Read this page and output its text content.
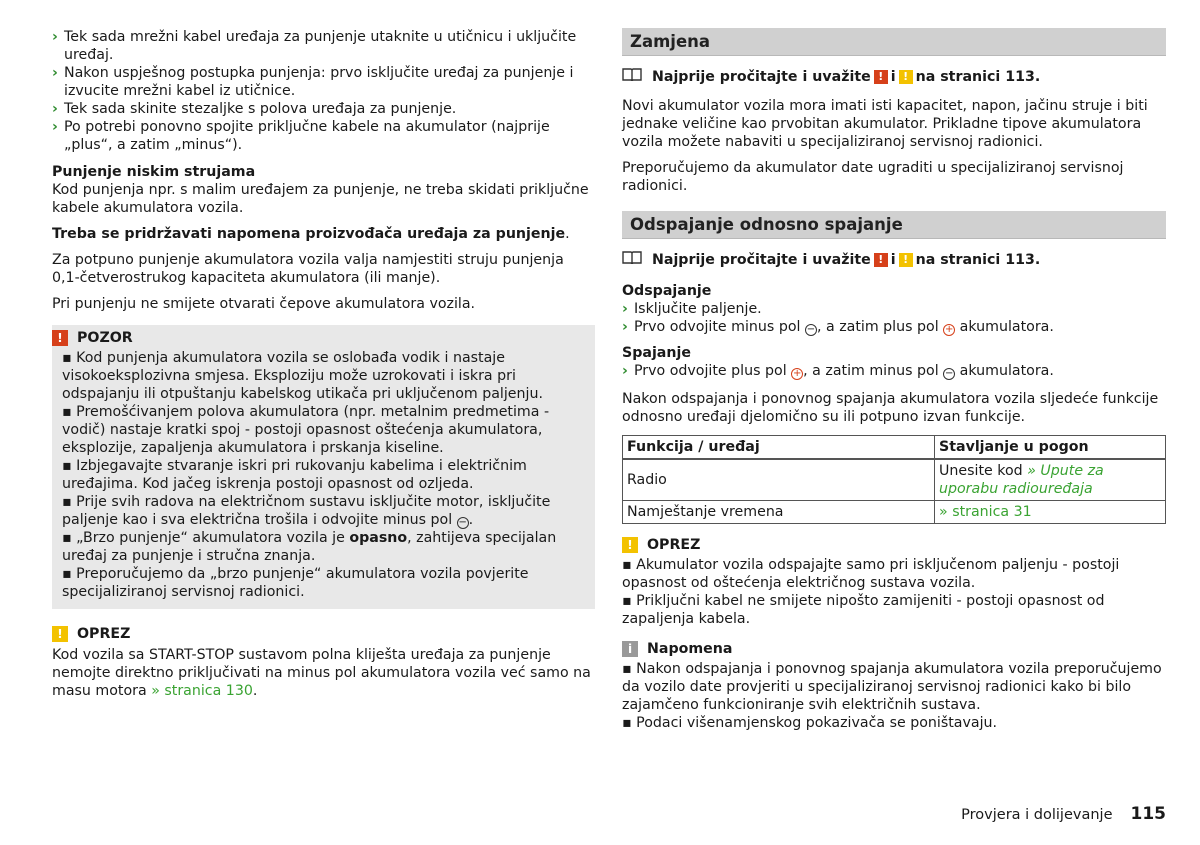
› Tek sada mrežni kabel uređaja za punjenje utaknite u utičnicu i uključite uređaj.
› Nakon uspješnog postupka punjenja: prvo isključite uređaj za punjenje i izvucite mrežni kabel iz utičnice.
› Tek sada skinite stezaljke s polova uređaja za punjenje.
› Po potrebi ponovno spojite priključne kabele na akumulator (najprije „plus“, a zatim „minus“).
Punjenje niskim strujama
Kod punjenja npr. s malim uređajem za punjenje, ne treba skidati priključne kabele akumulatora vozila.
Treba se pridržavati napomena proizvođača uređaja za punjenje.
Za potpuno punjenje akumulatora vozila valja namjestiti struju punjenja 0,1-četverostrukog kapaciteta akumulatora (ili manje).
Pri punjenju ne smijete otvarati čepove akumulatora vozila.
!	POZOR
▪ Kod punjenja akumulatora vozila se oslobađa vodik i nastaje visokoeksplozivna smjesa. Eksploziju može uzrokovati i iskra pri odspajanju ili otpuštanju kabelskog utikača pri uključenom paljenju.
▪ Premošćivanjem polova akumulatora (npr. metalnim predmetima - vodič) nastaje kratki spoj - postoji opasnost oštećenja akumulatora, eksplozije, zapaljenja akumulatora i prskanja kiseline.
▪ Izbjegavajte stvaranje iskri pri rukovanju kabelima i električnim uređajima. Kod jačeg iskrenja postoji opasnost od ozljeda.
▪ Prije svih radova na električnom sustavu isključite motor, isključite paljenje kao i sva električna trošila i odvojite minus pol − .
▪ „Brzo punjenje“ akumulatora vozila je opasno, zahtijeva specijalan uređaj za punjenje i stručna znanja.
▪ Preporučujemo da „brzo punjenje“ akumulatora vozila povjerite specijaliziranoj servisnoj radionici.
!	OPREZ
Kod vozila sa START-STOP sustavom polna kliješta uređaja za punjenje nemojte direktno priključivati na minus pol akumulatora vozila već samo na masu motora » stranica 130.
Zamjena
Najprije pročitajte i uvažite ! i ! na stranici 113.
Novi akumulator vozila mora imati isti kapacitet, napon, jačinu struje i biti jednake veličine kao prvobitan akumulator. Prikladne tipove akumulatora vozila možete nabaviti u specijaliziranoj servisnoj radionici.
Preporučujemo da akumulator date ugraditi u specijaliziranoj servisnoj radionici.
Odspajanje odnosno spajanje
Najprije pročitajte i uvažite ! i ! na stranici 113.
Odspajanje
› Isključite paljenje.
› Prvo odvojite minus pol − , a zatim plus pol + akumulatora.
Spajanje
› Prvo odvojite plus pol + , a zatim minus pol − akumulatora.
Nakon odspajanja i ponovnog spajanja akumulatora vozila sljedeće funkcije odnosno uređaji djelomično su ili potpuno izvan funkcije.
Funkcija / uređaj	Stavljanje u pogon
Radio	Unesite kod » Upute za uporabu radiouređaja
Namještanje vremena	» stranica 31
!	OPREZ
▪ Akumulator vozila odspajajte samo pri isključenom paljenju - postoji opasnost od oštećenja električnog sustava vozila.
▪ Priključni kabel ne smijete nipošto zamijeniti - postoji opasnost od zapaljenja kabela.
i	Napomena
▪ Nakon odspajanja i ponovnog spajanja akumulatora vozila preporučujemo da vozilo date provjeriti u specijaliziranoj servisnoj radionici kako bi bilo zajamčeno funkcioniranje svih električnih sustava.
▪ Podaci višenamjenskog pokazivača se poništavaju.
Provjera i dolijevanje 115
